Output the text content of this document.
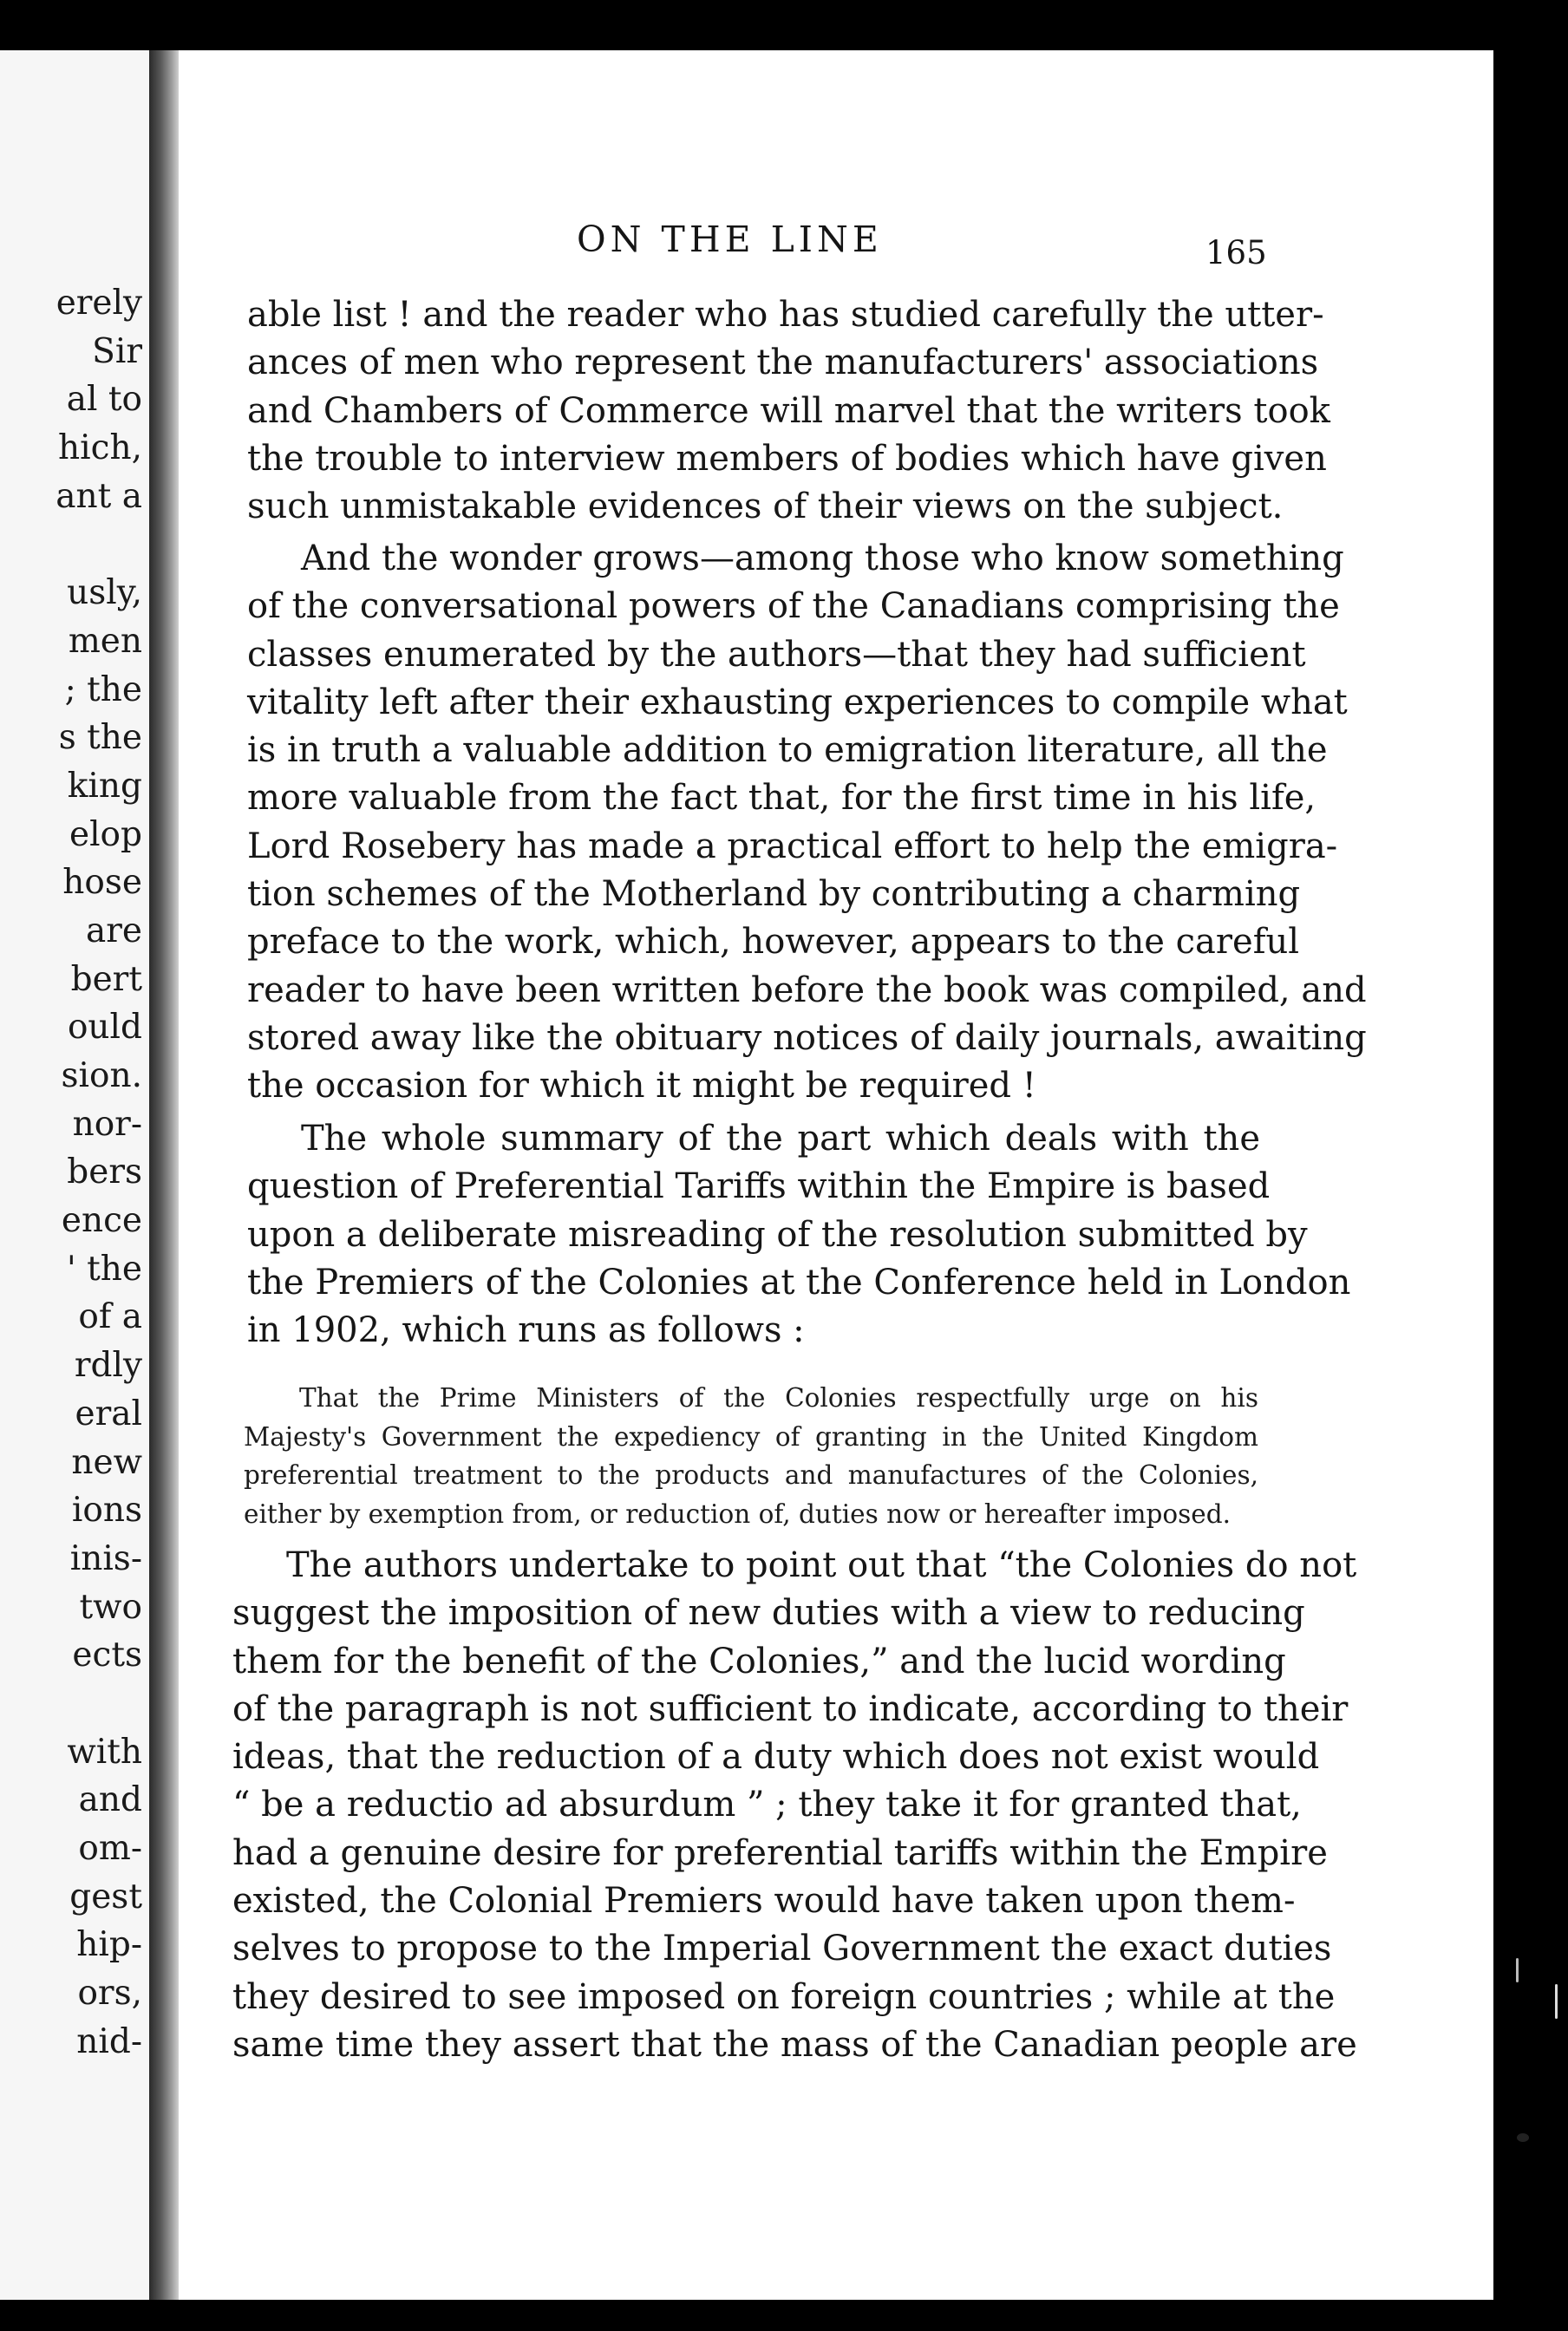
erely
Sir
al to
hich,
ant a
usly,
men
; the
s the
king
elop
hose
are
bert
ould
sion.
nor-
bers
ence
' the
of a
rdly
eral
new
ions
inis-
two
ects
with
and
om-
gest
hip-
ors,
nid-
ON THE LINE	165

able list ! and the reader who has studied carefully the utter-
ances of men who represent the manufacturers' associations
and Chambers of Commerce will marvel that the writers took
the trouble to interview members of bodies which have given
such unmistakable evidences of their views on the subject.

And the wonder grows—among those who know something
of the conversational powers of the Canadians comprising the
classes enumerated by the authors—that they had sufficient
vitality left after their exhausting experiences to compile what
is in truth a valuable addition to emigration literature, all the
more valuable from the fact that, for the first time in his life,
Lord Rosebery has made a practical effort to help the emigra-
tion schemes of the Motherland by contributing a charming
preface to the work, which, however, appears to the careful
reader to have been written before the book was compiled, and
stored away like the obituary notices of daily journals, awaiting
the occasion for which it might be required !

The whole summary of the part which deals with the
question of Preferential Tariffs within the Empire is based
upon a deliberate misreading of the resolution submitted by
the Premiers of the Colonies at the Conference held in London
in 1902, which runs as follows :

That the Prime Ministers of the Colonies respectfully urge on his
Majesty's Government the expediency of granting in the United Kingdom
preferential treatment to the products and manufactures of the Colonies,
either by exemption from, or reduction of, duties now or hereafter imposed.

The authors undertake to point out that “the Colonies do not
suggest the imposition of new duties with a view to reducing
them for the benefit of the Colonies,” and the lucid wording
of the paragraph is not sufficient to indicate, according to their
ideas, that the reduction of a duty which does not exist would
“ be a reductio ad absurdum ” ; they take it for granted that,
had a genuine desire for preferential tariffs within the Empire
existed, the Colonial Premiers would have taken upon them-
selves to propose to the Imperial Government the exact duties
they desired to see imposed on foreign countries ; while at the
same time they assert that the mass of the Canadian people are
